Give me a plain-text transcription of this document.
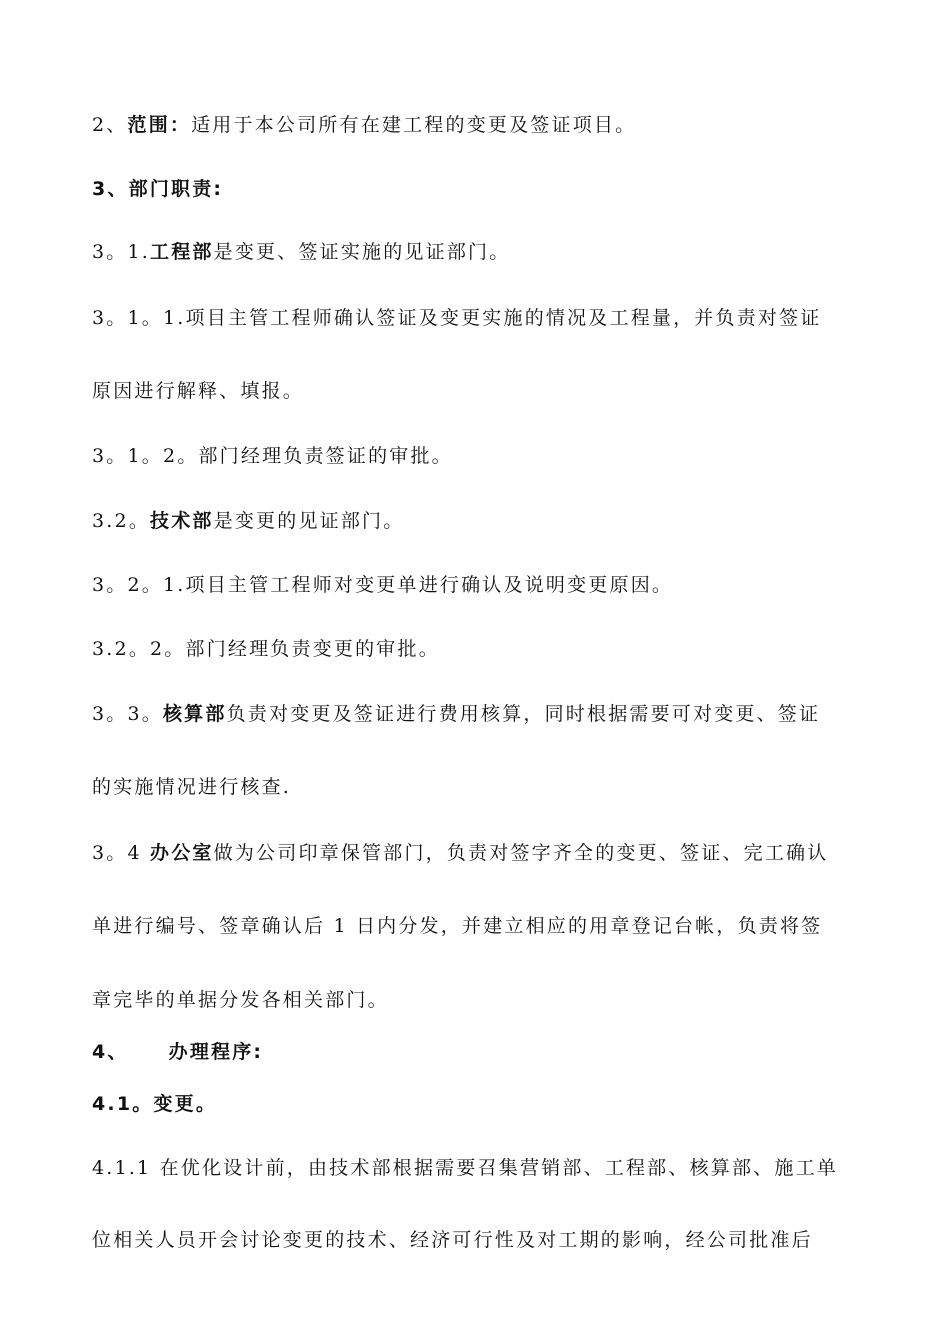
2、范围：适用于本公司所有在建工程的变更及签证项目。
3、部门职责:
3。1.工程部是变更、签证实施的见证部门。
3。1。1.项目主管工程师确认签证及变更实施的情况及工程量，并负责对签证
原因进行解释、填报。
3。1。2。部门经理负责签证的审批。
3.2。技术部是变更的见证部门。
3。2。1.项目主管工程师对变更单进行确认及说明变更原因。
3.2。2。部门经理负责变更的审批。
3。3。核算部负责对变更及签证进行费用核算，同时根据需要可对变更、签证
的实施情况进行核查.
3。4 办公室做为公司印章保管部门，负责对签字齐全的变更、签证、完工确认
单进行编号、签章确认后 1 日内分发，并建立相应的用章登记台帐，负责将签
章完毕的单据分发各相关部门。
4、 办理程序:
4.1。变更。
4.1.1 在优化设计前，由技术部根据需要召集营销部、工程部、核算部、施工单
位相关人员开会讨论变更的技术、经济可行性及对工期的影响，经公司批准后
